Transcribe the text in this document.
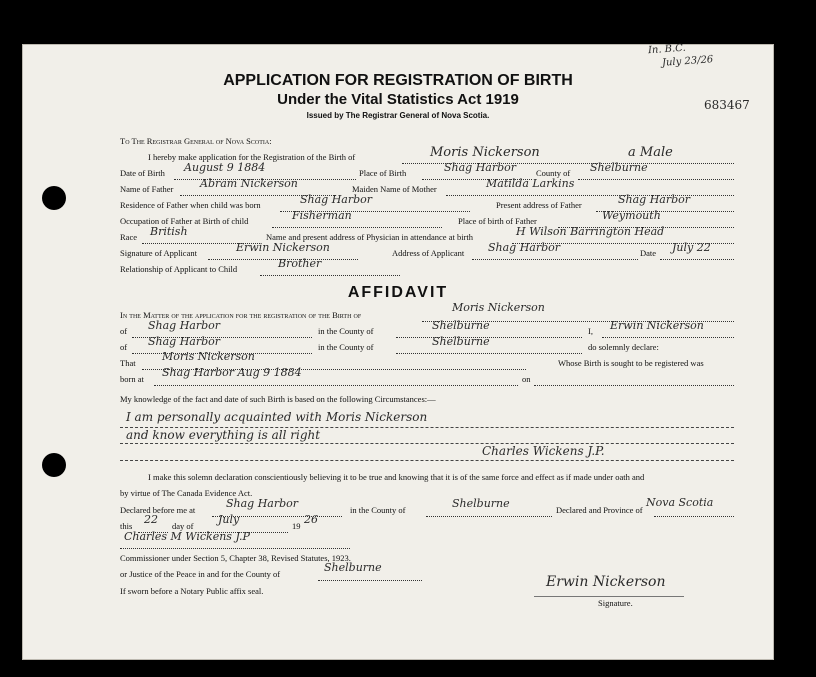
In. B.C.
July 23/26
683467
APPLICATION FOR REGISTRATION OF BIRTH
Under the Vital Statistics Act 1919
Issued by The Registrar General of Nova Scotia.
To The Registrar General of Nova Scotia:
I hereby make application for the Registration of the Birth of	Moris Nickerson	a Male
Date of Birth August 9 1884	Place of Birth	Shag Harbor County of Shelburne
Name of Father Abram Nickerson	Maiden Name of Mother	Matilda Larkins
Residence of Father when child was born	Shag Harbor	Present address of Father	Shag Harbor
Occupation of Father at Birth of child	Fisherman	Place of birth of Father	Weymouth
Race British	Name and present address of Physician in attendance at birth	H Wilson Barrington Head
Signature of Applicant	Erwin Nickerson	Address of Applicant Shag Harbor	Date July 22
Relationship of Applicant to Child	Brother
AFFIDAVIT
In the Matter of the application for the registration of the Birth of
Moris Nickerson
of Shag Harbor	in the County of	Shelburne	I, Erwin Nickerson
of Shag Harbor	in the County of	Shelburne	do solemnly declare:
That Moris Nickerson	Whose Birth is sought to be registered was
born at Shag Harbor Aug 9 1884	on
My knowledge of the fact and date of such Birth is based on the following Circumstances:—
I am personally acquainted with Moris Nickerson
and know everything is all right
Charles Wickens J.P.
I make this solemn declaration conscientiously believing it to be true and knowing that it is of the same force and effect as if made under oath and
by virtue of The Canada Evidence Act.
Declared before me at	Shag Harbor	in the County of	Shelburne	Declared and Province of
Nova Scotia
this 22 day of July	19 26
Charles M Wickens J.P
Commissioner under Section 5, Chapter 38, Revised Statutes, 1923.
or Justice of the Peace in and for the County of	Shelburne
If sworn before a Notary Public affix seal.
Erwin Nickerson
Signature.
